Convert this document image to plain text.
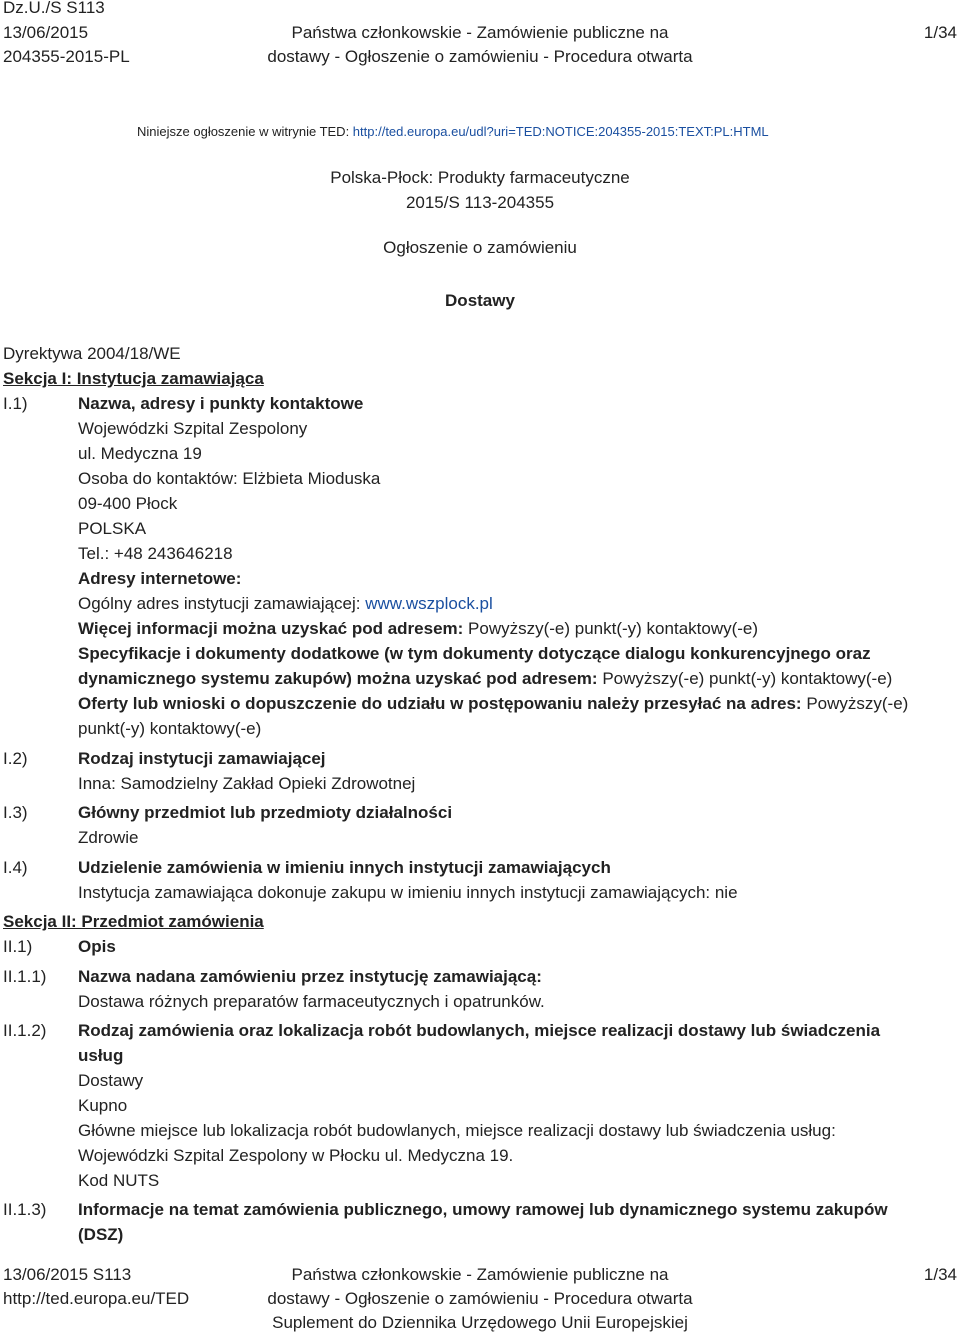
Dz.U./S S113
13/06/2015
204355-2015-PL
Państwa członkowskie - Zamówienie publiczne na
dostawy - Ogłoszenie o zamówieniu - Procedura otwarta
1/34
Niniejsze ogłoszenie w witrynie TED: http://ted.europa.eu/udl?uri=TED:NOTICE:204355-2015:TEXT:PL:HTML
Polska-Płock: Produkty farmaceutyczne
2015/S 113-204355
Ogłoszenie o zamówieniu
Dostawy
Dyrektywa 2004/18/WE
Sekcja I: Instytucja zamawiająca
I.1)	Nazwa, adresy i punkty kontaktowe
Wojewódzki Szpital Zespolony
ul. Medyczna 19
Osoba do kontaktów: Elżbieta Mioduska
09-400 Płock
POLSKA
Tel.: +48 243646218
Adresy internetowe:
Ogólny adres instytucji zamawiającej: www.wszplock.pl
Więcej informacji można uzyskać pod adresem: Powyższy(-e) punkt(-y) kontaktowy(-e)
Specyfikacje i dokumenty dodatkowe (w tym dokumenty dotyczące dialogu konkurencyjnego oraz
dynamicznego systemu zakupów) można uzyskać pod adresem: Powyższy(-e) punkt(-y) kontaktowy(-e)
Oferty lub wnioski o dopuszczenie do udziału w postępowaniu należy przesyłać na adres: Powyższy(-e)
punkt(-y) kontaktowy(-e)
I.2)	Rodzaj instytucji zamawiającej
Inna: Samodzielny Zakład Opieki Zdrowotnej
I.3)	Główny przedmiot lub przedmioty działalności
Zdrowie
I.4)	Udzielenie zamówienia w imieniu innych instytucji zamawiających
Instytucja zamawiająca dokonuje zakupu w imieniu innych instytucji zamawiających: nie
Sekcja II: Przedmiot zamówienia
II.1)	Opis
II.1.1) Nazwa nadana zamówieniu przez instytucję zamawiającą:
Dostawa różnych preparatów farmaceutycznych i opatrunków.
II.1.2) Rodzaj zamówienia oraz lokalizacja robót budowlanych, miejsce realizacji dostawy lub świadczenia
usług
Dostawy
Kupno
Główne miejsce lub lokalizacja robót budowlanych, miejsce realizacji dostawy lub świadczenia usług:
Wojewódzki Szpital Zespolony w Płocku ul. Medyczna 19.
Kod NUTS
II.1.3) Informacje na temat zamówienia publicznego, umowy ramowej lub dynamicznego systemu zakupów
(DSZ)
13/06/2015 S113
http://ted.europa.eu/TED
Państwa członkowskie - Zamówienie publiczne na
dostawy - Ogłoszenie o zamówieniu - Procedura otwarta
Suplement do Dziennika Urzędowego Unii Europejskiej
1/34
